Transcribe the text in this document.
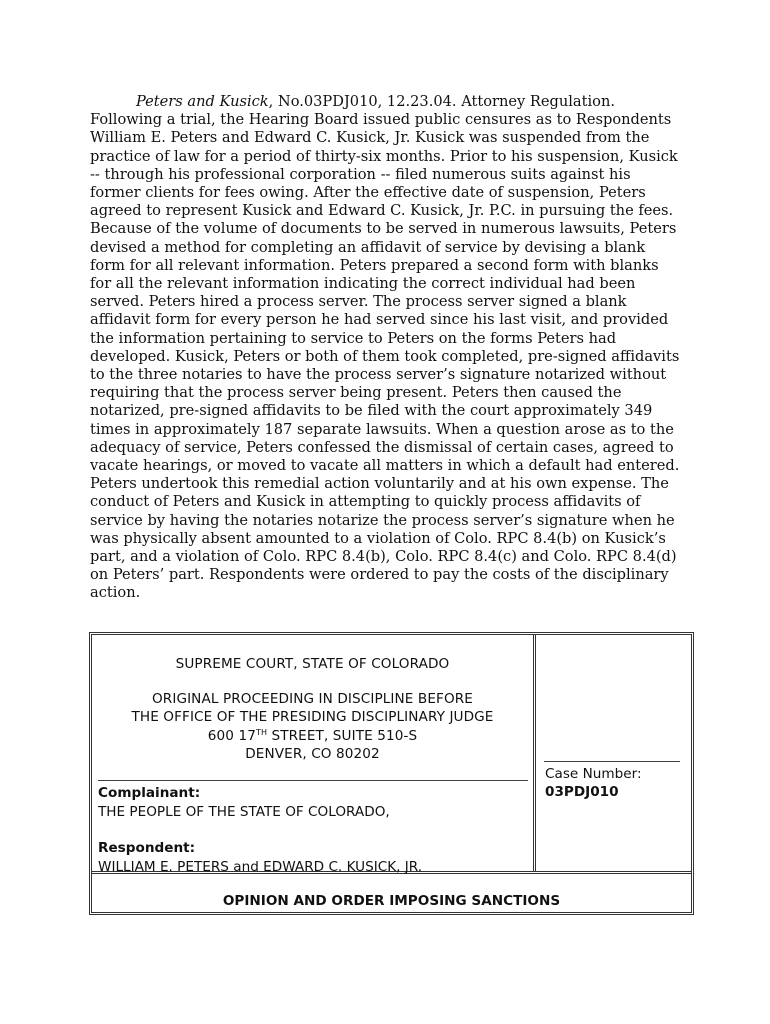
Peters and Kusick, No.03PDJ010, 12.23.04. Attorney Regulation. Following a trial, the Hearing Board issued public censures as to Respondents William E. Peters and Edward C. Kusick, Jr. Kusick was suspended from the practice of law for a period of thirty-six months. Prior to his suspension, Kusick -- through his professional corporation -- filed numerous suits against his former clients for fees owing. After the effective date of suspension, Peters agreed to represent Kusick and Edward C. Kusick, Jr. P.C. in pursuing the fees. Because of the volume of documents to be served in numerous lawsuits, Peters devised a method for completing an affidavit of service by devising a blank form for all relevant information. Peters prepared a second form with blanks for all the relevant information indicating the correct individual had been served. Peters hired a process server. The process server signed a blank affidavit form for every person he had served since his last visit, and provided the information pertaining to service to Peters on the forms Peters had developed. Kusick, Peters or both of them took completed, pre-signed affidavits to the three notaries to have the process server’s signature notarized without requiring that the process server being present. Peters then caused the notarized, pre-signed affidavits to be filed with the court approximately 349 times in approximately 187 separate lawsuits. When a question arose as to the adequacy of service, Peters confessed the dismissal of certain cases, agreed to vacate hearings, or moved to vacate all matters in which a default had entered. Peters undertook this remedial action voluntarily and at his own expense. The conduct of Peters and Kusick in attempting to quickly process affidavits of service by having the notaries notarize the process server’s signature when he was physically absent amounted to a violation of Colo. RPC 8.4(b) on Kusick’s part, and a violation of Colo. RPC 8.4(b), Colo. RPC 8.4(c) and Colo. RPC 8.4(d) on Peters’ part. Respondents were ordered to pay the costs of the disciplinary action.
SUPREME COURT, STATE OF COLORADO
ORIGINAL PROCEEDING IN DISCIPLINE BEFORE
THE OFFICE OF THE PRESIDING DISCIPLINARY JUDGE
600 17TH STREET, SUITE 510-S
DENVER, CO 80202
Complainant:
THE PEOPLE OF THE STATE OF COLORADO,
Respondent:
WILLIAM E. PETERS and EDWARD C. KUSICK, JR.
Case Number:
03PDJ010
OPINION AND ORDER IMPOSING SANCTIONS
